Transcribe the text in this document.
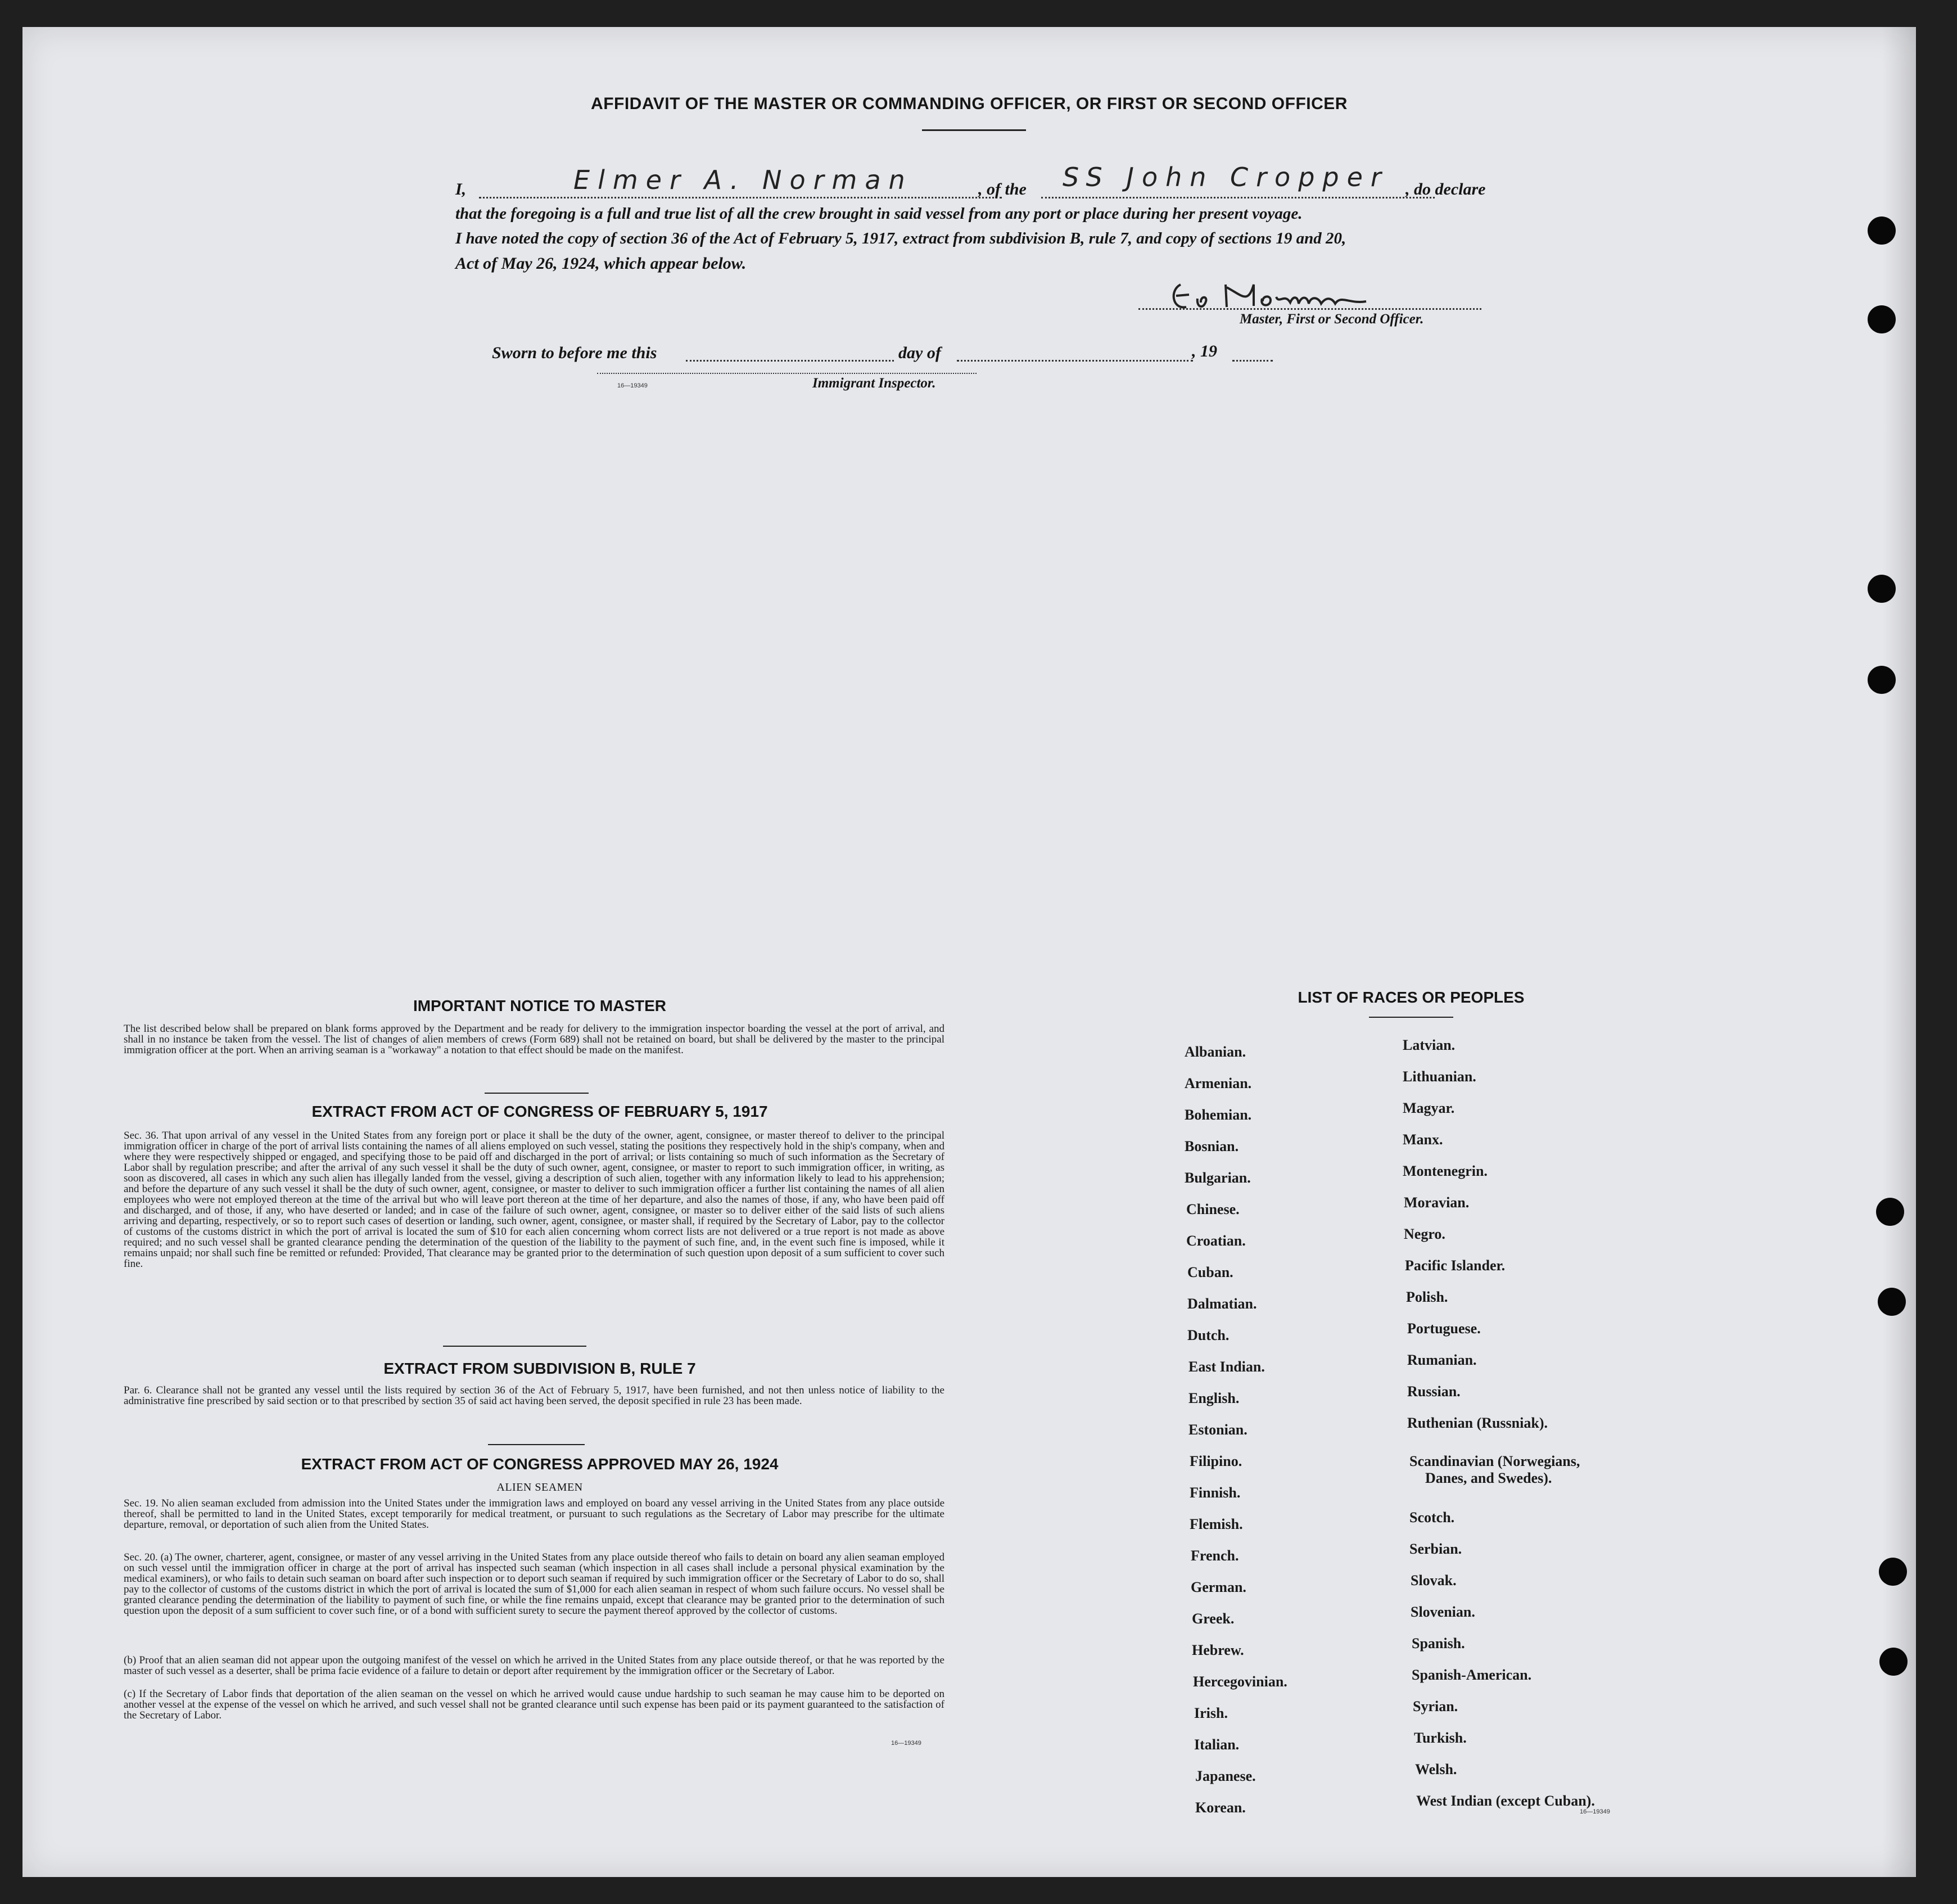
AFFIDAVIT OF THE MASTER OR COMMANDING OFFICER, OR FIRST OR SECOND OFFICER
I,	Elmer A. Norman	, of the SS John Cropper , do declare
that the foregoing is a full and true list of all the crew brought in said vessel from any port or place during her present voyage.
I have noted the copy of section 36 of the Act of February 5, 1917, extract from subdivision B, rule 7, and copy of sections 19 and 20,
Act of May 26, 1924, which appear below.
Master, First or Second Officer.
Sworn to before me this	day of	, 19
16—19349	Immigrant Inspector.
IMPORTANT NOTICE TO MASTER
The list described below shall be prepared on blank forms approved by the Department and be ready for delivery to the immigration inspector boarding the vessel at the port of arrival, and shall in no instance be taken from the vessel. The list of changes of alien members of crews (Form 689) shall not be retained on board, but shall be delivered by the master to the principal immigration officer at the port. When an arriving seaman is a "workaway" a notation to that effect should be made on the manifest.
EXTRACT FROM ACT OF CONGRESS OF FEBRUARY 5, 1917
Sec. 36. That upon arrival of any vessel in the United States from any foreign port or place it shall be the duty of the owner, agent, consignee, or master thereof to deliver to the principal immigration officer in charge of the port of arrival lists containing the names of all aliens employed on such vessel, stating the positions they respectively hold in the ship's company, when and where they were respectively shipped or engaged, and specifying those to be paid off and discharged in the port of arrival; or lists containing so much of such information as the Secretary of Labor shall by regulation prescribe; and after the arrival of any such vessel it shall be the duty of such owner, agent, consignee, or master to report to such immigration officer, in writing, as soon as discovered, all cases in which any such alien has illegally landed from the vessel, giving a description of such alien, together with any information likely to lead to his apprehension; and before the departure of any such vessel it shall be the duty of such owner, agent, consignee, or master to deliver to such immigration officer a further list containing the names of all alien employees who were not employed thereon at the time of the arrival but who will leave port thereon at the time of her departure, and also the names of those, if any, who have been paid off and discharged, and of those, if any, who have deserted or landed; and in case of the failure of such owner, agent, consignee, or master so to deliver either of the said lists of such aliens arriving and departing, respectively, or so to report such cases of desertion or landing, such owner, agent, consignee, or master shall, if required by the Secretary of Labor, pay to the collector of customs of the customs district in which the port of arrival is located the sum of $10 for each alien concerning whom correct lists are not delivered or a true report is not made as above required; and no such vessel shall be granted clearance pending the determination of the question of the liability to the payment of such fine, and, in the event such fine is imposed, while it remains unpaid; nor shall such fine be remitted or refunded: Provided, That clearance may be granted prior to the determination of such question upon deposit of a sum sufficient to cover such fine.
EXTRACT FROM SUBDIVISION B, RULE 7
Par. 6. Clearance shall not be granted any vessel until the lists required by section 36 of the Act of February 5, 1917, have been furnished, and not then unless notice of liability to the administrative fine prescribed by said section or to that prescribed by section 35 of said act having been served, the deposit specified in rule 23 has been made.
EXTRACT FROM ACT OF CONGRESS APPROVED MAY 26, 1924
ALIEN SEAMEN
Sec. 19. No alien seaman excluded from admission into the United States under the immigration laws and employed on board any vessel arriving in the United States from any place outside thereof, shall be permitted to land in the United States, except temporarily for medical treatment, or pursuant to such regulations as the Secretary of Labor may prescribe for the ultimate departure, removal, or deportation of such alien from the United States.
Sec. 20. (a) The owner, charterer, agent, consignee, or master of any vessel arriving in the United States from any place outside thereof who fails to detain on board any alien seaman employed on such vessel until the immigration officer in charge at the port of arrival has inspected such seaman (which inspection in all cases shall include a personal physical examination by the medical examiners), or who fails to detain such seaman on board after such inspection or to deport such seaman if required by such immigration officer or the Secretary of Labor to do so, shall pay to the collector of customs of the customs district in which the port of arrival is located the sum of $1,000 for each alien seaman in respect of whom such failure occurs. No vessel shall be granted clearance pending the determination of the liability to payment of such fine, or while the fine remains unpaid, except that clearance may be granted prior to the determination of such question upon the deposit of a sum sufficient to cover such fine, or of a bond with sufficient surety to secure the payment thereof approved by the collector of customs.
(b) Proof that an alien seaman did not appear upon the outgoing manifest of the vessel on which he arrived in the United States from any place outside thereof, or that he was reported by the master of such vessel as a deserter, shall be prima facie evidence of a failure to detain or deport after requirement by the immigration officer or the Secretary of Labor.
(c) If the Secretary of Labor finds that deportation of the alien seaman on the vessel on which he arrived would cause undue hardship to such seaman he may cause him to be deported on another vessel at the expense of the vessel on which he arrived, and such vessel shall not be granted clearance until such expense has been paid or its payment guaranteed to the satisfaction of the Secretary of Labor.
16—19349
LIST OF RACES OR PEOPLES
Albanian.
Armenian.
Bohemian.
Bosnian.
Bulgarian.
Chinese.
Croatian.
Cuban.
Dalmatian.
Dutch.
East Indian.
English.
Estonian.
Filipino.
Finnish.
Flemish.
French.
German.
Greek.
Hebrew.
Hercegovinian.
Irish.
Italian.
Japanese.
Korean.
Latvian.
Lithuanian.
Magyar.
Manx.
Montenegrin.
Moravian.
Negro.
Pacific Islander.
Polish.
Portuguese.
Rumanian.
Russian.
Ruthenian (Russniak).
Scandinavian (Norwegians,
Danes, and Swedes).
Scotch.
Serbian.
Slovak.
Slovenian.
Spanish.
Spanish-American.
Syrian.
Turkish.
Welsh.
West Indian (except Cuban).
16—19349
